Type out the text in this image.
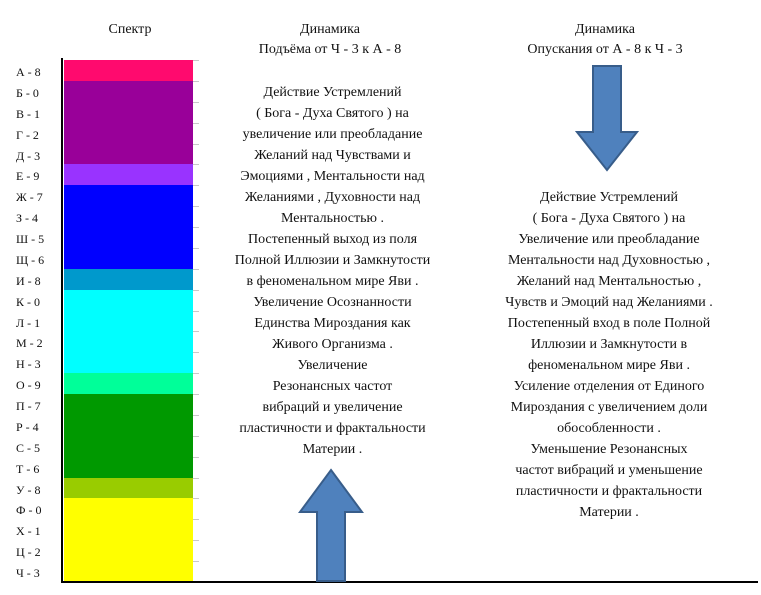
Спектр	Динамика
Подъёма от Ч - 3 к А - 8
Динамика
Опускания от А - 8 к Ч - 3
А - 8
Б - 0
В - 1
Г - 2
Д - 3
Е - 9
Ж - 7
З - 4
Ш - 5
Щ - 6
И - 8
К - 0
Л - 1
М - 2
Н - 3
О - 9
П - 7
Р - 4
С - 5
Т - 6
У - 8
Ф - 0
Х - 1
Ц - 2
Ч - 3
Действие Устремлений
( Бога - Духа Святого ) на
увеличение или преобладание
Желаний над Чувствами и
Эмоциями , Ментальности над
Желаниями , Духовности над
Ментальностью .
Постепенный выход из поля
Полной Иллюзии и Замкнутости
в феноменальном мире Яви .
Увеличение Осознанности
Единства Мироздания как
Живого Организма .
Увеличение
Резонансных частот
вибраций и увеличение
пластичности и фрактальности
Материи .
Действие Устремлений
( Бога - Духа Святого ) на
Увеличение или преобладание
Ментальности над Духовностью ,
Желаний над Ментальностью ,
Чувств и Эмоций над Желаниями .
Постепенный вход в поле Полной
Иллюзии и Замкнутости в
феноменальном мире Яви .
Усиление отделения от Единого
Мироздания с увеличением доли
обособленности .
Уменьшение Резонансных
частот вибраций и уменьшение
пластичности и фрактальности
Материи .
